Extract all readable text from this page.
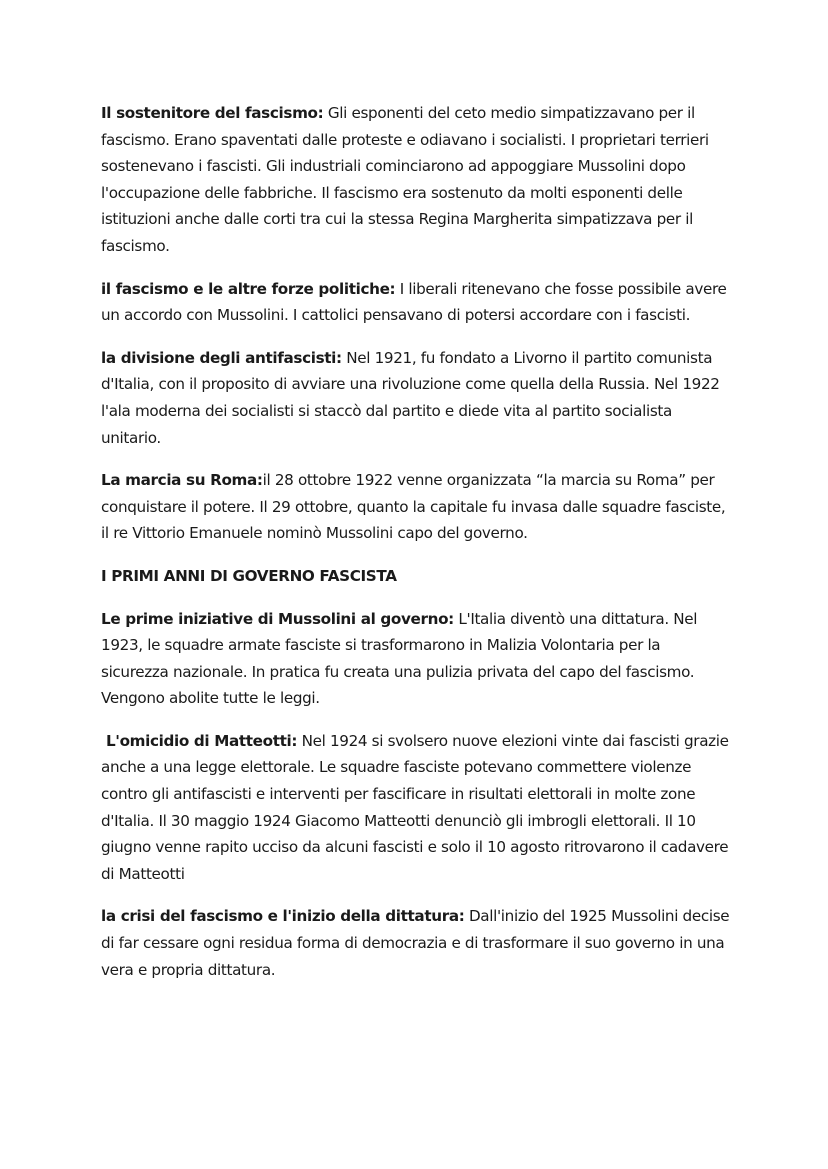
Il sostenitore del fascismo: Gli esponenti del ceto medio simpatizzavano per il fascismo. Erano spaventati dalle proteste e odiavano i socialisti. I proprietari terrieri sostenevano i fascisti. Gli industriali cominciarono ad appoggiare Mussolini dopo l'occupazione delle fabbriche. Il fascismo era sostenuto da molti esponenti delle istituzioni anche dalle corti tra cui la stessa Regina Margherita simpatizzava per il fascismo.

il fascismo e le altre forze politiche: I liberali ritenevano che fosse possibile avere un accordo con Mussolini. I cattolici pensavano di potersi accordare con i fascisti.

la divisione degli antifascisti: Nel 1921, fu fondato a Livorno il partito comunista d'Italia, con il proposito di avviare una rivoluzione come quella della Russia. Nel 1922 l'ala moderna dei socialisti si staccò dal partito e diede vita al partito socialista unitario.

La marcia su Roma:il 28 ottobre 1922 venne organizzata “la marcia su Roma” per conquistare il potere. Il 29 ottobre, quanto la capitale fu invasa dalle squadre fasciste, il re Vittorio Emanuele nominò Mussolini capo del governo.

I PRIMI ANNI DI GOVERNO FASCISTA

Le prime iniziative di Mussolini al governo: L'Italia diventò una dittatura. Nel 1923, le squadre armate fasciste si trasformarono in Malizia Volontaria per la sicurezza nazionale. In pratica fu creata una pulizia privata del capo del fascismo. Vengono abolite tutte le leggi.

L'omicidio di Matteotti: Nel 1924 si svolsero nuove elezioni vinte dai fascisti grazie anche a una legge elettorale. Le squadre fasciste potevano commettere violenze contro gli antifascisti e interventi per fascificare in risultati elettorali in molte zone d'Italia. Il 30 maggio 1924 Giacomo Matteotti denunciò gli imbrogli elettorali. Il 10 giugno venne rapito ucciso da alcuni fascisti e solo il 10 agosto ritrovarono il cadavere di Matteotti

la crisi del fascismo e l'inizio della dittatura: Dall'inizio del 1925 Mussolini decise di far cessare ogni residua forma di democrazia e di trasformare il suo governo in una vera e propria dittatura.
